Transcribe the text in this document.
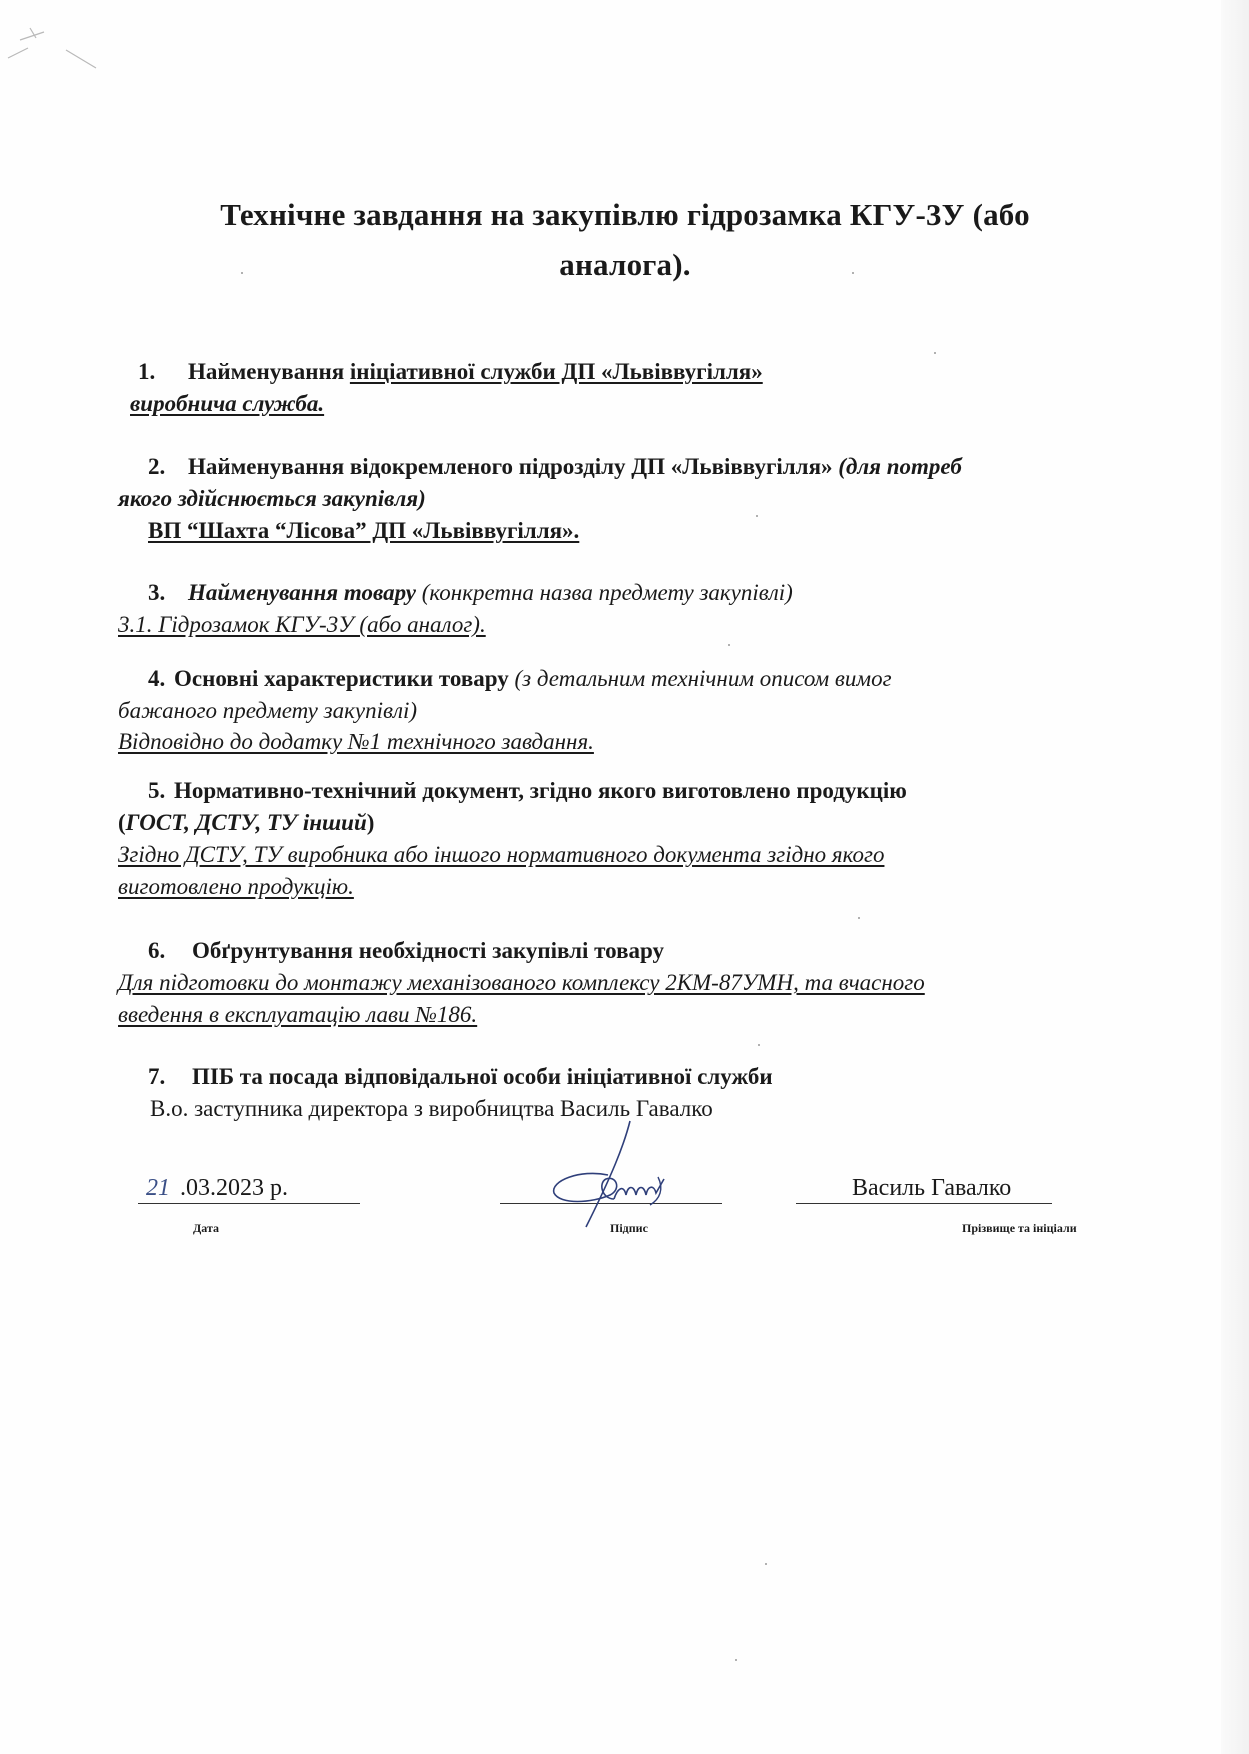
Технічне завдання на закупівлю гідрозамка КГУ-3У (або
аналога).
1. Найменування ініціативної служби ДП «Львіввугілля»
виробнича служба.
2. Найменування відокремленого підрозділу ДП «Львіввугілля» (для потреб
якого здійснюється закупівля)
ВП “Шахта “Лісова” ДП «Львіввугілля».
3. Найменування товару (конкретна назва предмету закупівлі)
3.1. Гідрозамок КГУ-3У (або аналог).
4. Основні характеристики товару (з детальним технічним описом вимог
бажаного предмету закупівлі)
Відповідно до додатку №1 технічного завдання.
5. Нормативно-технічний документ, згідно якого виготовлено продукцію
(ГОСТ, ДСТУ, ТУ інший)
Згідно ДСТУ, ТУ виробника або іншого нормативного документа згідно якого
виготовлено продукцію.
6. Обґрунтування необхідності закупівлі товару
Для підготовки до монтажу механізованого комплексу 2КМ-87УМН, та вчасного
введення в експлуатацію лави №186.
7. ПІБ та посада відповідальної особи ініціативної служби
В.о. заступника директора з виробництва Василь Гавалко
21 .03.2023 р.
Дата	Підпис
Василь Гавалко
Прізвище та ініціали
